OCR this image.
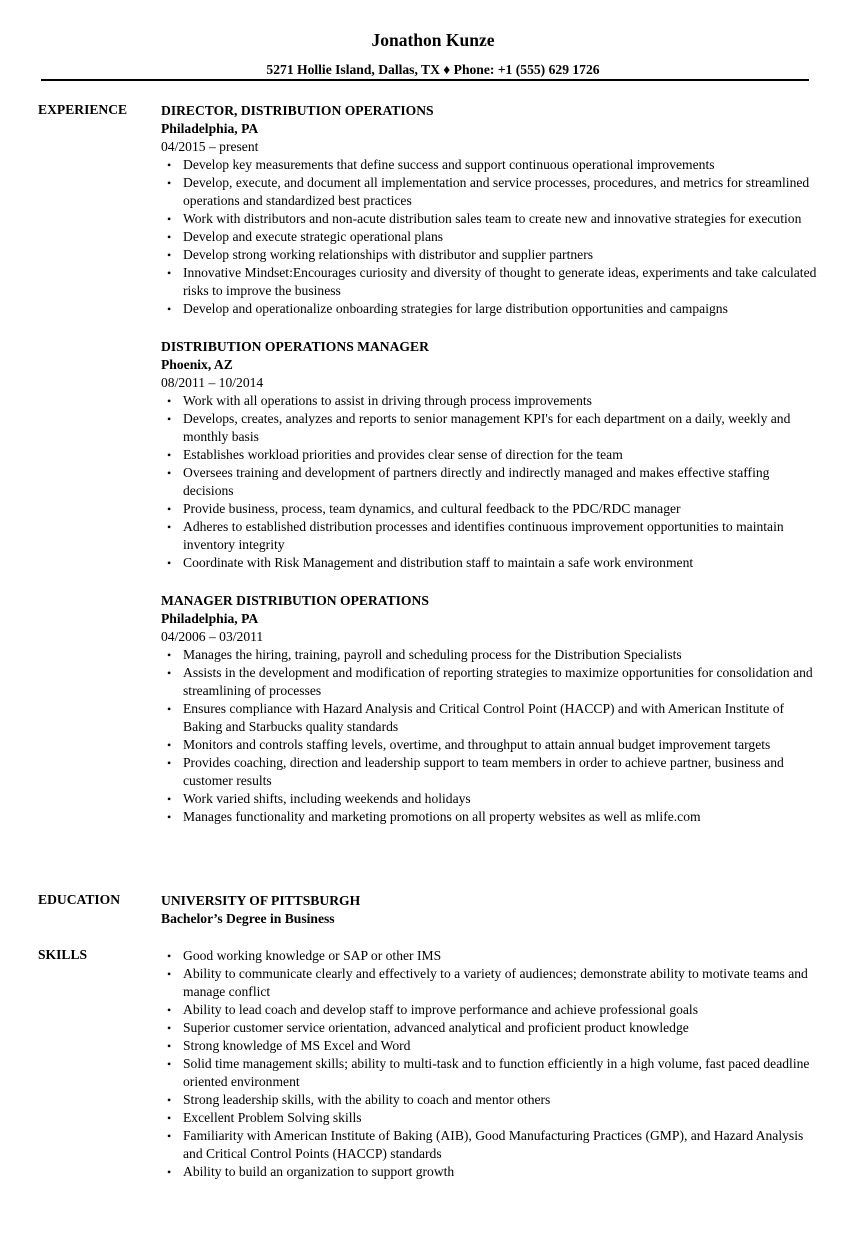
Jonathon Kunze
5271 Hollie Island, Dallas, TX ♦ Phone: +1 (555) 629 1726
EXPERIENCE DIRECTOR, DISTRIBUTION OPERATIONS
Philadelphia, PA
04/2015 – present
• Develop key measurements that define success and support continuous operational improvements
• Develop, execute, and document all implementation and service processes, procedures, and metrics for streamlined operations and standardized best practices
• Work with distributors and non-acute distribution sales team to create new and innovative strategies for execution
• Develop and execute strategic operational plans
• Develop strong working relationships with distributor and supplier partners
• Innovative Mindset:Encourages curiosity and diversity of thought to generate ideas, experiments and take calculated risks to improve the business
• Develop and operationalize onboarding strategies for large distribution opportunities and campaigns
DISTRIBUTION OPERATIONS MANAGER
Phoenix, AZ
08/2011 – 10/2014
• Work with all operations to assist in driving through process improvements
• Develops, creates, analyzes and reports to senior management KPI's for each department on a daily, weekly and monthly basis
• Establishes workload priorities and provides clear sense of direction for the team
• Oversees training and development of partners directly and indirectly managed and makes effective staffing decisions
• Provide business, process, team dynamics, and cultural feedback to the PDC/RDC manager
• Adheres to established distribution processes and identifies continuous improvement opportunities to maintain inventory integrity
• Coordinate with Risk Management and distribution staff to maintain a safe work environment
MANAGER DISTRIBUTION OPERATIONS
Philadelphia, PA
04/2006 – 03/2011
• Manages the hiring, training, payroll and scheduling process for the Distribution Specialists
• Assists in the development and modification of reporting strategies to maximize opportunities for consolidation and streamlining of processes
• Ensures compliance with Hazard Analysis and Critical Control Point (HACCP) and with American Institute of Baking and Starbucks quality standards
• Monitors and controls staffing levels, overtime, and throughput to attain annual budget improvement targets
• Provides coaching, direction and leadership support to team members in order to achieve partner, business and customer results
• Work varied shifts, including weekends and holidays
• Manages functionality and marketing promotions on all property websites as well as mlife.com
EDUCATION	UNIVERSITY OF PITTSBURGH
Bachelor’s Degree in Business
SKILLS
•	Good working knowledge or SAP or other IMS
• Ability to communicate clearly and effectively to a variety of audiences; demonstrate ability to motivate teams and manage conflict
• Ability to lead coach and develop staff to improve performance and achieve professional goals
• Superior customer service orientation, advanced analytical and proficient product knowledge
• Strong knowledge of MS Excel and Word
• Solid time management skills; ability to multi-task and to function efficiently in a high volume, fast paced deadline oriented environment
• Strong leadership skills, with the ability to coach and mentor others
• Excellent Problem Solving skills
• Familiarity with American Institute of Baking (AIB), Good Manufacturing Practices (GMP), and Hazard Analysis and Critical Control Points (HACCP) standards
• Ability to build an organization to support growth
